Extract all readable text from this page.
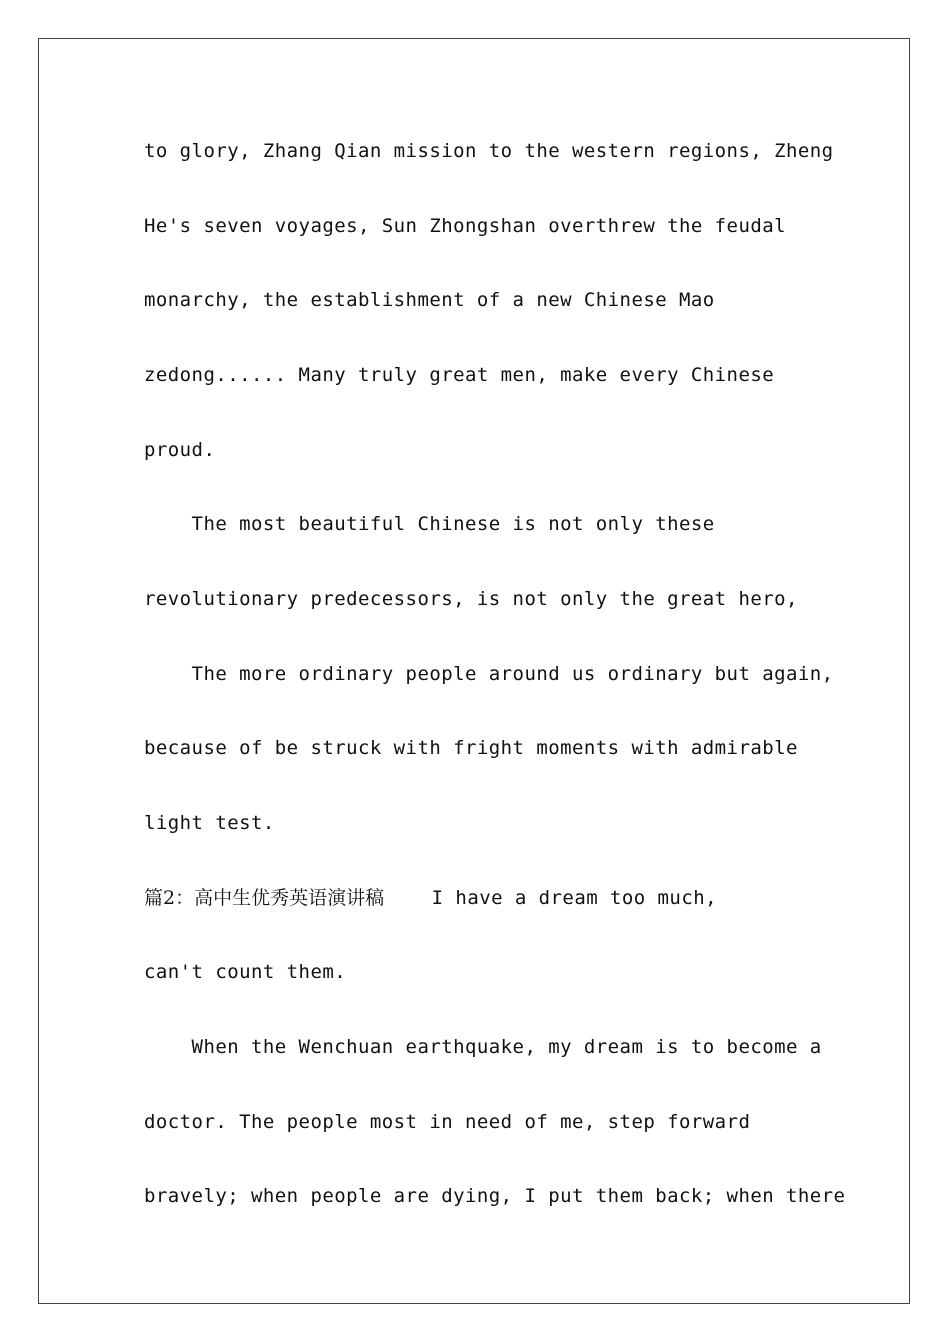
to glory, Zhang Qian mission to the western regions, Zheng
He's seven voyages, Sun Zhongshan overthrew the feudal
monarchy, the establishment of a new Chinese Mao
zedong...... Many truly great men, make every Chinese
proud.
The most beautiful Chinese is not only these
revolutionary predecessors, is not only the great hero,
The more ordinary people around us ordinary but again,
because of be struck with fright moments with admirable
light test.
篇2：高中生优秀英语演讲稿    I have a dream too much,
can't count them.
When the Wenchuan earthquake, my dream is to become a
doctor. The people most in need of me, step forward
bravely; when people are dying, I put them back; when there
